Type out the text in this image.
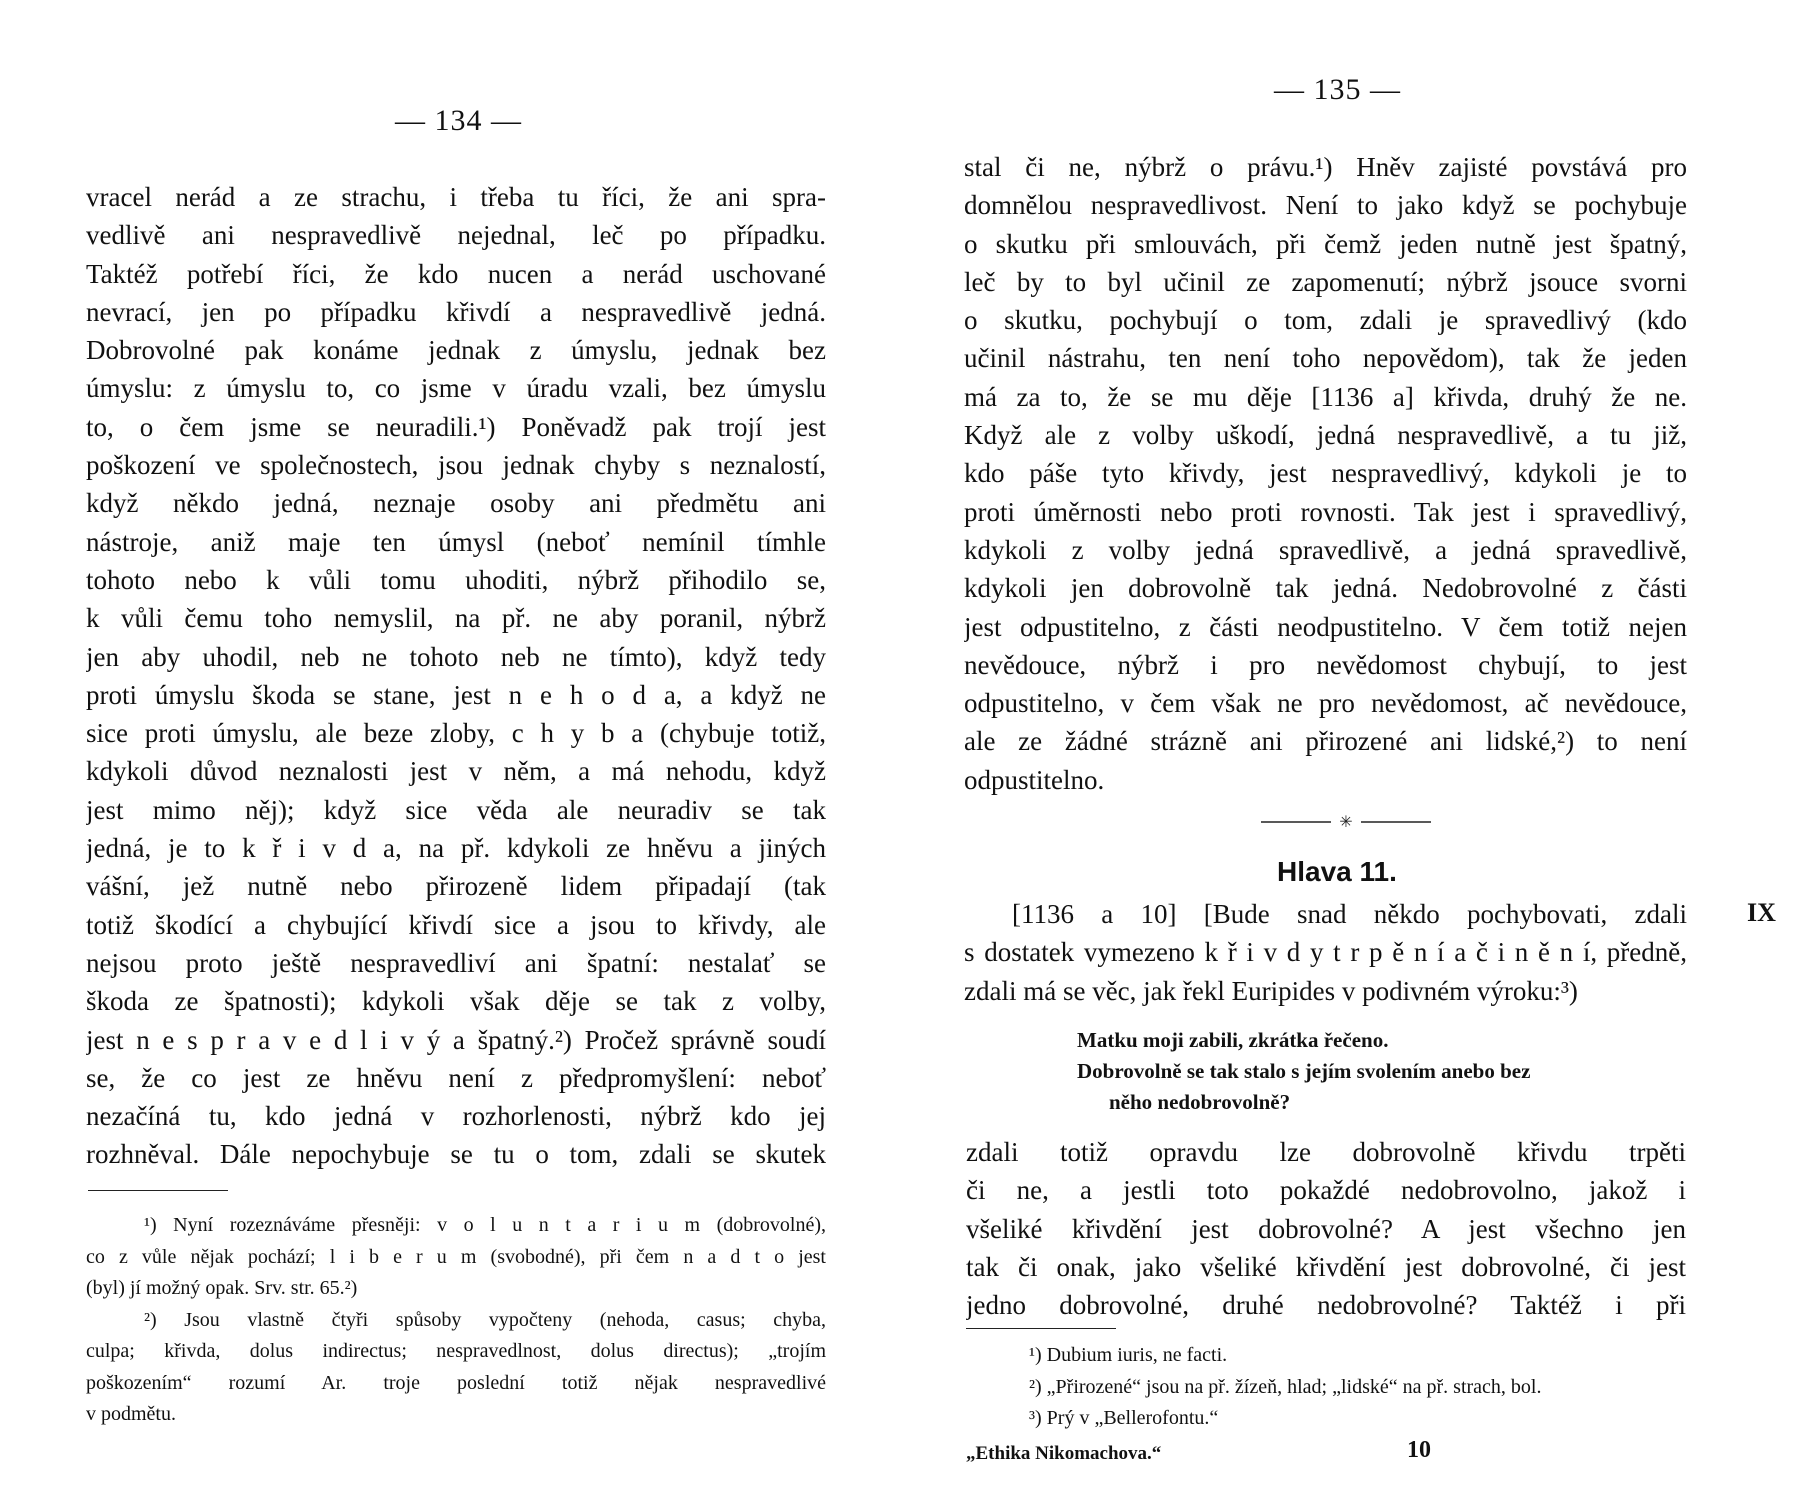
— 134 —
vracel nerád a ze strachu, i třeba tu říci, že ani spra-
vedlivě ani nespravedlivě nejednal, leč po případku.
Taktéž potřebí říci, že kdo nucen a nerád uschované
nevrací, jen po případku křivdí a nespravedlivě jedná.
Dobrovolné pak konáme jednak z úmyslu, jednak bez
úmyslu: z úmyslu to, co jsme v úradu vzali, bez úmyslu
to, o čem jsme se neuradili.¹) Poněvadž pak trojí jest
poškození ve společnostech, jsou jednak chyby s neznalostí,
když někdo jedná, neznaje osoby ani předmětu ani
nástroje, aniž maje ten úmysl (neboť nemínil tímhle
tohoto nebo k vůli tomu uhoditi, nýbrž přihodilo se,
k vůli čemu toho nemyslil, na př. ne aby poranil, nýbrž
jen aby uhodil, neb ne tohoto neb ne tímto), když tedy
proti úmyslu škoda se stane, jest n e h o d a, a když ne
sice proti úmyslu, ale beze zloby, c h y b a (chybuje totiž,
kdykoli důvod neznalosti jest v něm, a má nehodu, když
jest mimo něj); když sice věda ale neuradiv se tak
jedná, je to k ř i v d a, na př. kdykoli ze hněvu a jiných
vášní, jež nutně nebo přirozeně lidem připadají (tak
totiž škodící a chybující křivdí sice a jsou to křivdy, ale
nejsou proto ještě nespravedliví ani špatní: nestalať se
škoda ze špatnosti); kdykoli však děje se tak z volby,
jest n e s p r a v e d l i v ý a špatný.²) Pročež správně soudí
se, že co jest ze hněvu není z předpromyšlení: neboť
nezačíná tu, kdo jedná v rozhorlenosti, nýbrž kdo jej
rozhněval. Dále nepochybuje se tu o tom, zdali se skutek
¹) Nyní rozeznáváme přesněji: v o l u n t a r i u m (dobrovolné),
co z vůle nějak pochází; l i b e r u m (svobodné), při čem n a d t o jest
(byl) jí možný opak. Srv. str. 65.²)
²) Jsou vlastně čtyři spůsoby vypočteny (nehoda, casus; chyba,
culpa; křivda, dolus indirectus; nespravedlnost, dolus directus); „trojím
poškozením“ rozumí Ar. troje poslední totiž nějak nespravedlivé
v podmětu.
— 135 —
stal či ne, nýbrž o právu.¹) Hněv zajisté povstává pro
domnělou nespravedlivost. Není to jako když se pochybuje
o skutku při smlouvách, při čemž jeden nutně jest špatný,
leč by to byl učinil ze zapomenutí; nýbrž jsouce svorni
o skutku, pochybují o tom, zdali je spravedlivý (kdo
učinil nástrahu, ten není toho nepovědom), tak že jeden
má za to, že se mu děje [1136 a] křivda, druhý že ne.
Když ale z volby uškodí, jedná nespravedlivě, a tu již,
kdo páše tyto křivdy, jest nespravedlivý, kdykoli je to
proti úměrnosti nebo proti rovnosti. Tak jest i spravedlivý,
kdykoli z volby jedná spravedlivě, a jedná spravedlivě,
kdykoli jen dobrovolně tak jedná. Nedobrovolné z části
jest odpustitelno, z části neodpustitelno. V čem totiž nejen
nevědouce, nýbrž i pro nevědomost chybují, to jest
odpustitelno, v čem však ne pro nevědomost, ač nevědouce,
ale ze žádné strázně ani přirozené ani lidské,²) to není
odpustitelno.
✳
Hlava 11.
IX
[1136 a 10] [Bude snad někdo pochybovati, zdali
s dostatek vymezeno k ř i v d y t r p ě n í a č i n ě n í, předně,
zdali má se věc, jak řekl Euripides v podivném výroku:³)
Matku moji zabili, zkrátka řečeno.
Dobrovolně se tak stalo s jejím svolením anebo bez
něho nedobrovolně?
zdali totiž opravdu lze dobrovolně křivdu trpěti
či ne, a jestli toto pokaždé nedobrovolno, jakož i
všeliké křivdění jest dobrovolné? A jest všechno jen
tak či onak, jako všeliké křivdění jest dobrovolné, či jest
jedno dobrovolné, druhé nedobrovolné? Taktéž i při
¹) Dubium iuris, ne facti.
²) „Přirozené“ jsou na př. žízeň, hlad; „lidské“ na př. strach, bol.
³) Prý v „Bellerofontu.“
„Ethika Nikomachova.“	10
